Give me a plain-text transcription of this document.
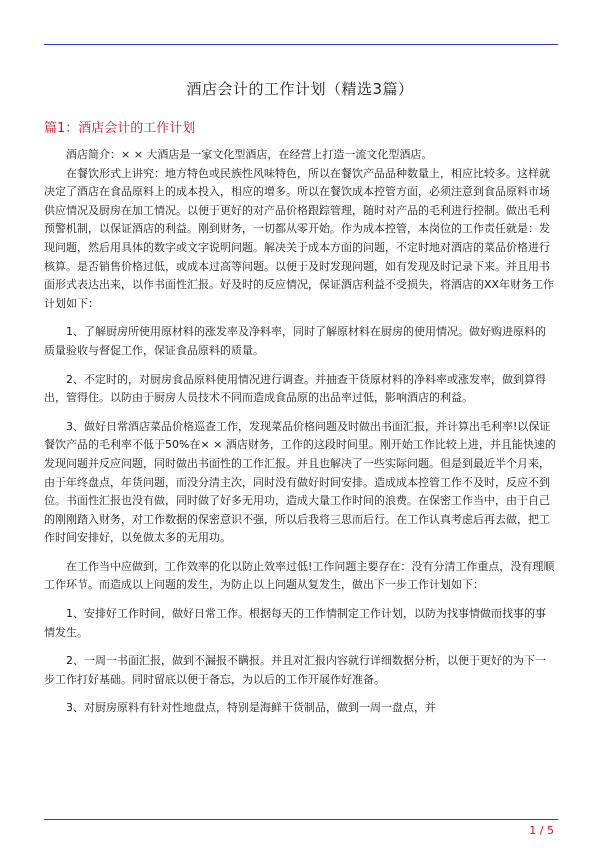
酒店会计的工作计划（精选3篇）
篇1：酒店会计的工作计划

酒店简介：× × 大酒店是一家文化型酒店，在经营上打造一流文化型酒店。

在餐饮形式上讲究：地方特色或民族性风味特色，所以在餐饮产品品种数量上，相应比较多。这样就决定了酒店在食品原料上的成本投入，相应的增多。所以在餐饮成本控管方面，必须注意到食品原料市场供应情况及厨房在加工情况。以便于更好的对产品价格跟踪管理，随时对产品的毛利进行控制。做出毛利预警机制，以保证酒店的利益。刚到财务，一切都从零开始。作为成本控管，本岗位的工作责任就是：发现问题，然后用具体的数字或文字说明问题。解决关于成本方面的问题，不定时地对酒店的菜品价格进行核算。是否销售价格过低，或成本过高等问题。以便于及时发现问题，如有发现及时记录下来。并且用书面形式表达出来，以作书面性汇报。好及时的反应情况，保证酒店利益不受损失，将酒店的XX年财务工作计划如下：

1、了解厨房所使用原材料的涨发率及净料率，同时了解原材料在厨房的使用情况。做好购进原料的质量验收与督促工作，保证食品原料的质量。

2、不定时的，对厨房食品原料使用情况进行调查。并抽查干货原材料的净料率或涨发率，做到算得出，管得住。以防由于厨房人员技术不同而造成食品原的出品率过低，影响酒店的利益。

3、做好日常酒店菜品价格巡查工作，发现菜品价格问题及时做出书面汇报，并计算出毛利率!以保证餐饮产品的毛利率不低于50%在× × 酒店财务，工作的这段时间里。刚开始工作比较上进，并且能快速的发现问题并反应问题，同时做出书面性的工作汇报。并且也解决了一些实际问题。但是到最近半个月来，由于年终盘点，年货问题，而没分清主次，同时没有做好时间安排。造成成本控管工作不及时，反应不到位。书面性汇报也没有做，同时做了好多无用功，造成大量工作时间的浪费。在保密工作当中，由于自己的刚刚踏入财务，对工作数据的保密意识不强，所以后我将三思而后行。在工作认真考虑后再去做，把工作时间安排好，以免做太多的无用功。

在工作当中应做到，工作效率的化以防止效率过低!工作问题主要存在：没有分清工作重点，没有理顺工作环节。而造成以上问题的发生，为防止以上问题从复发生，做出下一步工作计划如下：

1、安排好工作时间，做好日常工作。根据每天的工作情制定工作计划，以防为找事情做而找事的事情发生。

2、一周一书面汇报，做到不漏报不瞒报。并且对汇报内容就行详细数据分析，以便于更好的为下一步工作打好基础。同时留底以便于备忘，为以后的工作开展作好准备。

3、对厨房原料有针对性地盘点，特别是海鲜干货制品，做到一周一盘点，并

1 / 5
